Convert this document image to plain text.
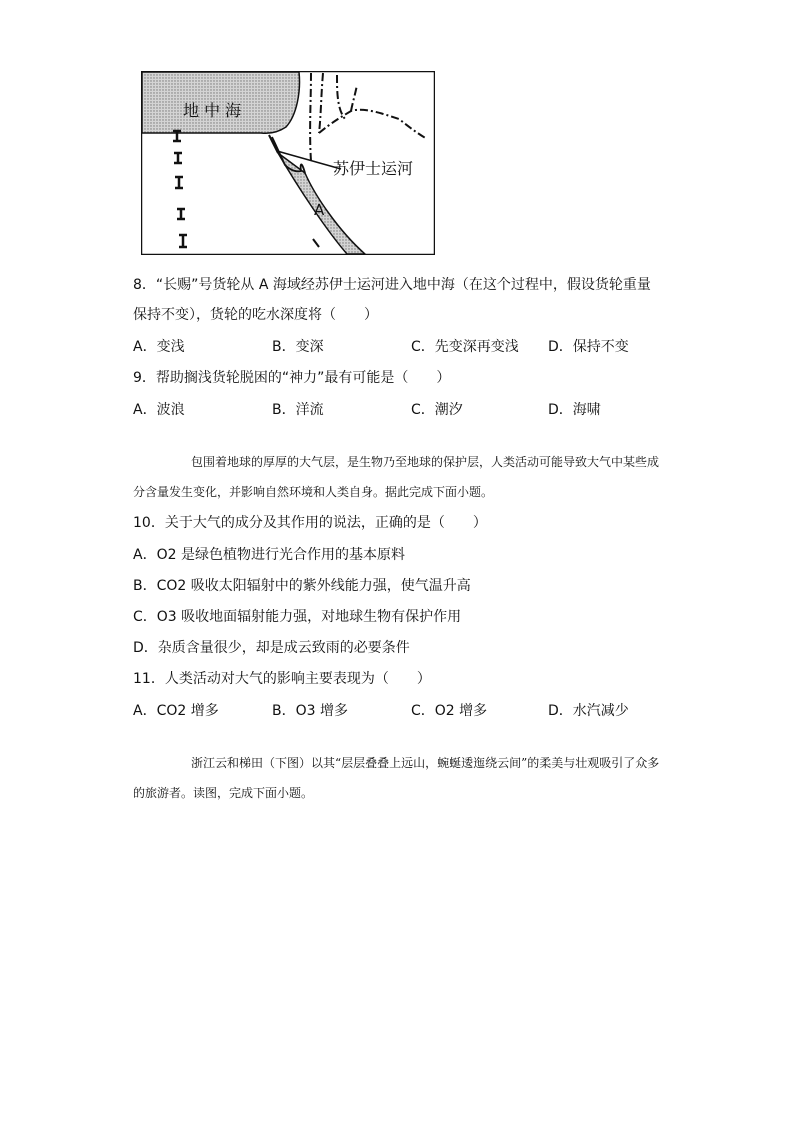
地 中 海
苏伊士运河
A
8．“长赐”号货轮从 A 海域经苏伊士运河进入地中海（在这个过程中，假设货轮重量
保持不变），货轮的吃水深度将（　　）
A．变浅	B．变深	C．先变深再变浅 D．保持不变
9．帮助搁浅货轮脱困的“神力”最有可能是（　　）
A．波浪	B．洋流	C．潮汐	D．海啸
包围着地球的厚厚的大气层，是生物乃至地球的保护层，人类活动可能导致大气中某些成分含量发生变化，并影响自然环境和人类自身。据此完成下面小题。
10．关于大气的成分及其作用的说法，正确的是（　　）
A．O2 是绿色植物进行光合作用的基本原料
B．CO2 吸收太阳辐射中的紫外线能力强，使气温升高
C．O3 吸收地面辐射能力强，对地球生物有保护作用
D．杂质含量很少，却是成云致雨的必要条件
11．人类活动对大气的影响主要表现为（　　）
A．CO2 增多	B．O3 增多	C．O2 增多	D．水汽减少
浙江云和梯田（下图）以其“层层叠叠上远山，蜿蜒逶迤绕云间”的柔美与壮观吸引了众多的旅游者。读图，完成下面小题。
